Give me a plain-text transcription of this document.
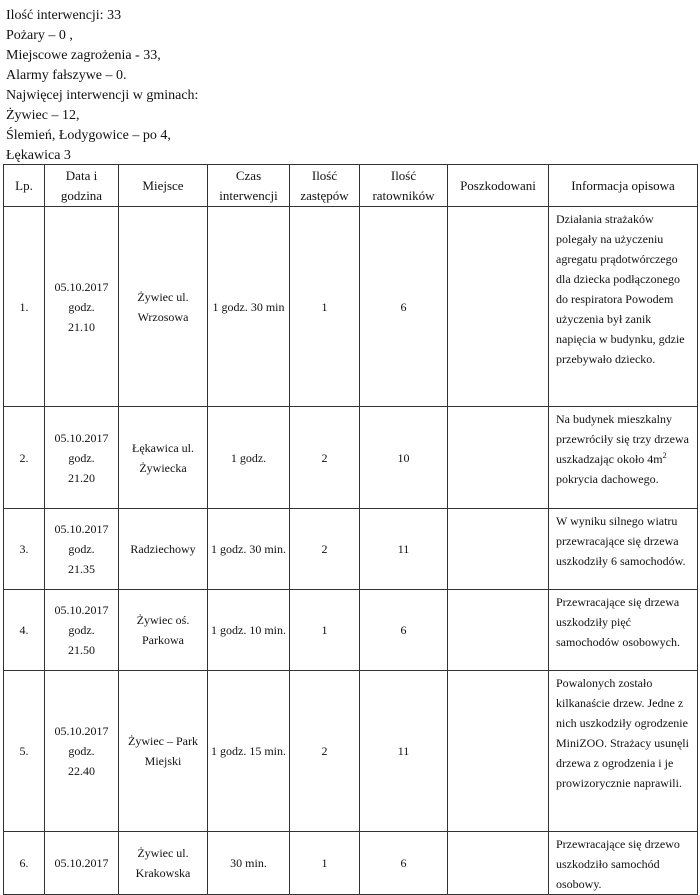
Ilość interwencji: 33
Pożary – 0 ,
Miejscowe zagrożenia - 33,
Alarmy fałszywe – 0.
Najwięcej interwencji w gminach:
Żywiec – 12,
Ślemień, Łodygowice – po 4,
Łękawica 3
Lp.	Data i godzina	Miejsce	Czas interwencji	Ilość zastępów	Ilość ratowników	Poszkodowani	Informacja opisowa
1.	05.10.2017
godz.
21.10	Żywiec ul. Wrzosowa	1 godz. 30 min	1	6		Działania strażaków polegały na użyczeniu agregatu prądotwórczego dla dziecka podłączonego do respiratora Powodem użyczenia był zanik napięcia w budynku, gdzie przebywało dziecko.
2.	05.10.2017
godz.
21.20	Łękawica ul. Żywiecka	1 godz.	2	10		Na budynek mieszkalny przewróciły się trzy drzewa uszkadzając około $4m^2$ pokrycia dachowego.
3.	05.10.2017
godz.
21.35	Radziechowy	1 godz. 30 min.	2	11		W wyniku silnego wiatru przewracające się drzewa uszkodziły 6 samochodów.
4.	05.10.2017
godz.
21.50	Żywiec oś. Parkowa	1 godz. 10 min.	1	6		Przewracające się drzewa uszkodziły pięć samochodów osobowych.
5.	05.10.2017
godz.
22.40	Żywiec – Park Miejski	1 godz. 15 min.	2	11		Powalonych zostało kilkanaście drzew. Jedne z nich uszkodziły ogrodzenie MiniZOO. Strażacy usunęli drzewa z ogrodzenia i je prowizorycznie naprawili.
6.	05.10.2017	Żywiec ul. Krakowska	30 min.	1	6		Przewracające się drzewo uszkodziło samochód osobowy.
